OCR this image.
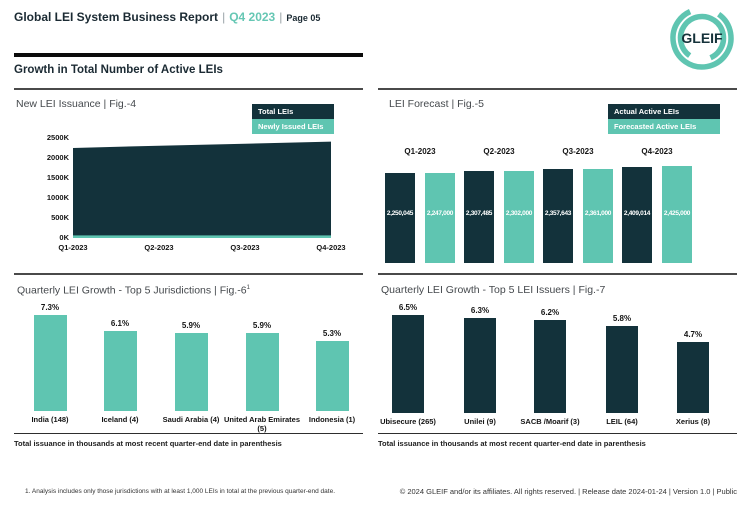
Global LEI System Business Report | Q4 2023 | Page 05
GLEIF
Growth in Total Number of Active LEIs
New LEI Issuance | Fig.-4
Total LEIs
Newly Issued LEIs
0K
500K
1000K
1500K
2000K
2500K
Q1-2023	Q2-2023	Q3-2023	Q4-2023
LEI Forecast | Fig.-5
Actual Active LEIs
Forecasted Active LEIs
Q1-2023
2,250,045	2,247,000
Q2-2023
2,307,485	2,302,000
Q3-2023
2,357,643	2,361,000
Q4-2023
2,409,014	2,425,000
Quarterly LEI Growth - Top 5 Jurisdictions | $Fig.-6^1$
7.3%
India (148)
6.1%
Iceland (4)
5.9%
Saudi Arabia (4)
5.9%
United Arab Emirates (5)
5.3%
Indonesia (1)
Total issuance in thousands at most recent quarter-end date in parenthesis
Quarterly LEI Growth - Top 5 LEI Issuers | Fig.-7
6.5%
Ubisecure (265)
6.3%
Unilei (9)
6.2%
SACB /Moarif (3)
5.8%
LEIL (64)
4.7%
Xerius (8)
Total issuance in thousands at most recent quarter-end date in parenthesis
1. Analysis includes only those jurisdictions with at least 1,000 LEIs in total at the previous quarter-end date.	© 2024 GLEIF and/or its affiliates. All rights reserved. | Release date 2024-01-24 | Version 1.0 | Public
